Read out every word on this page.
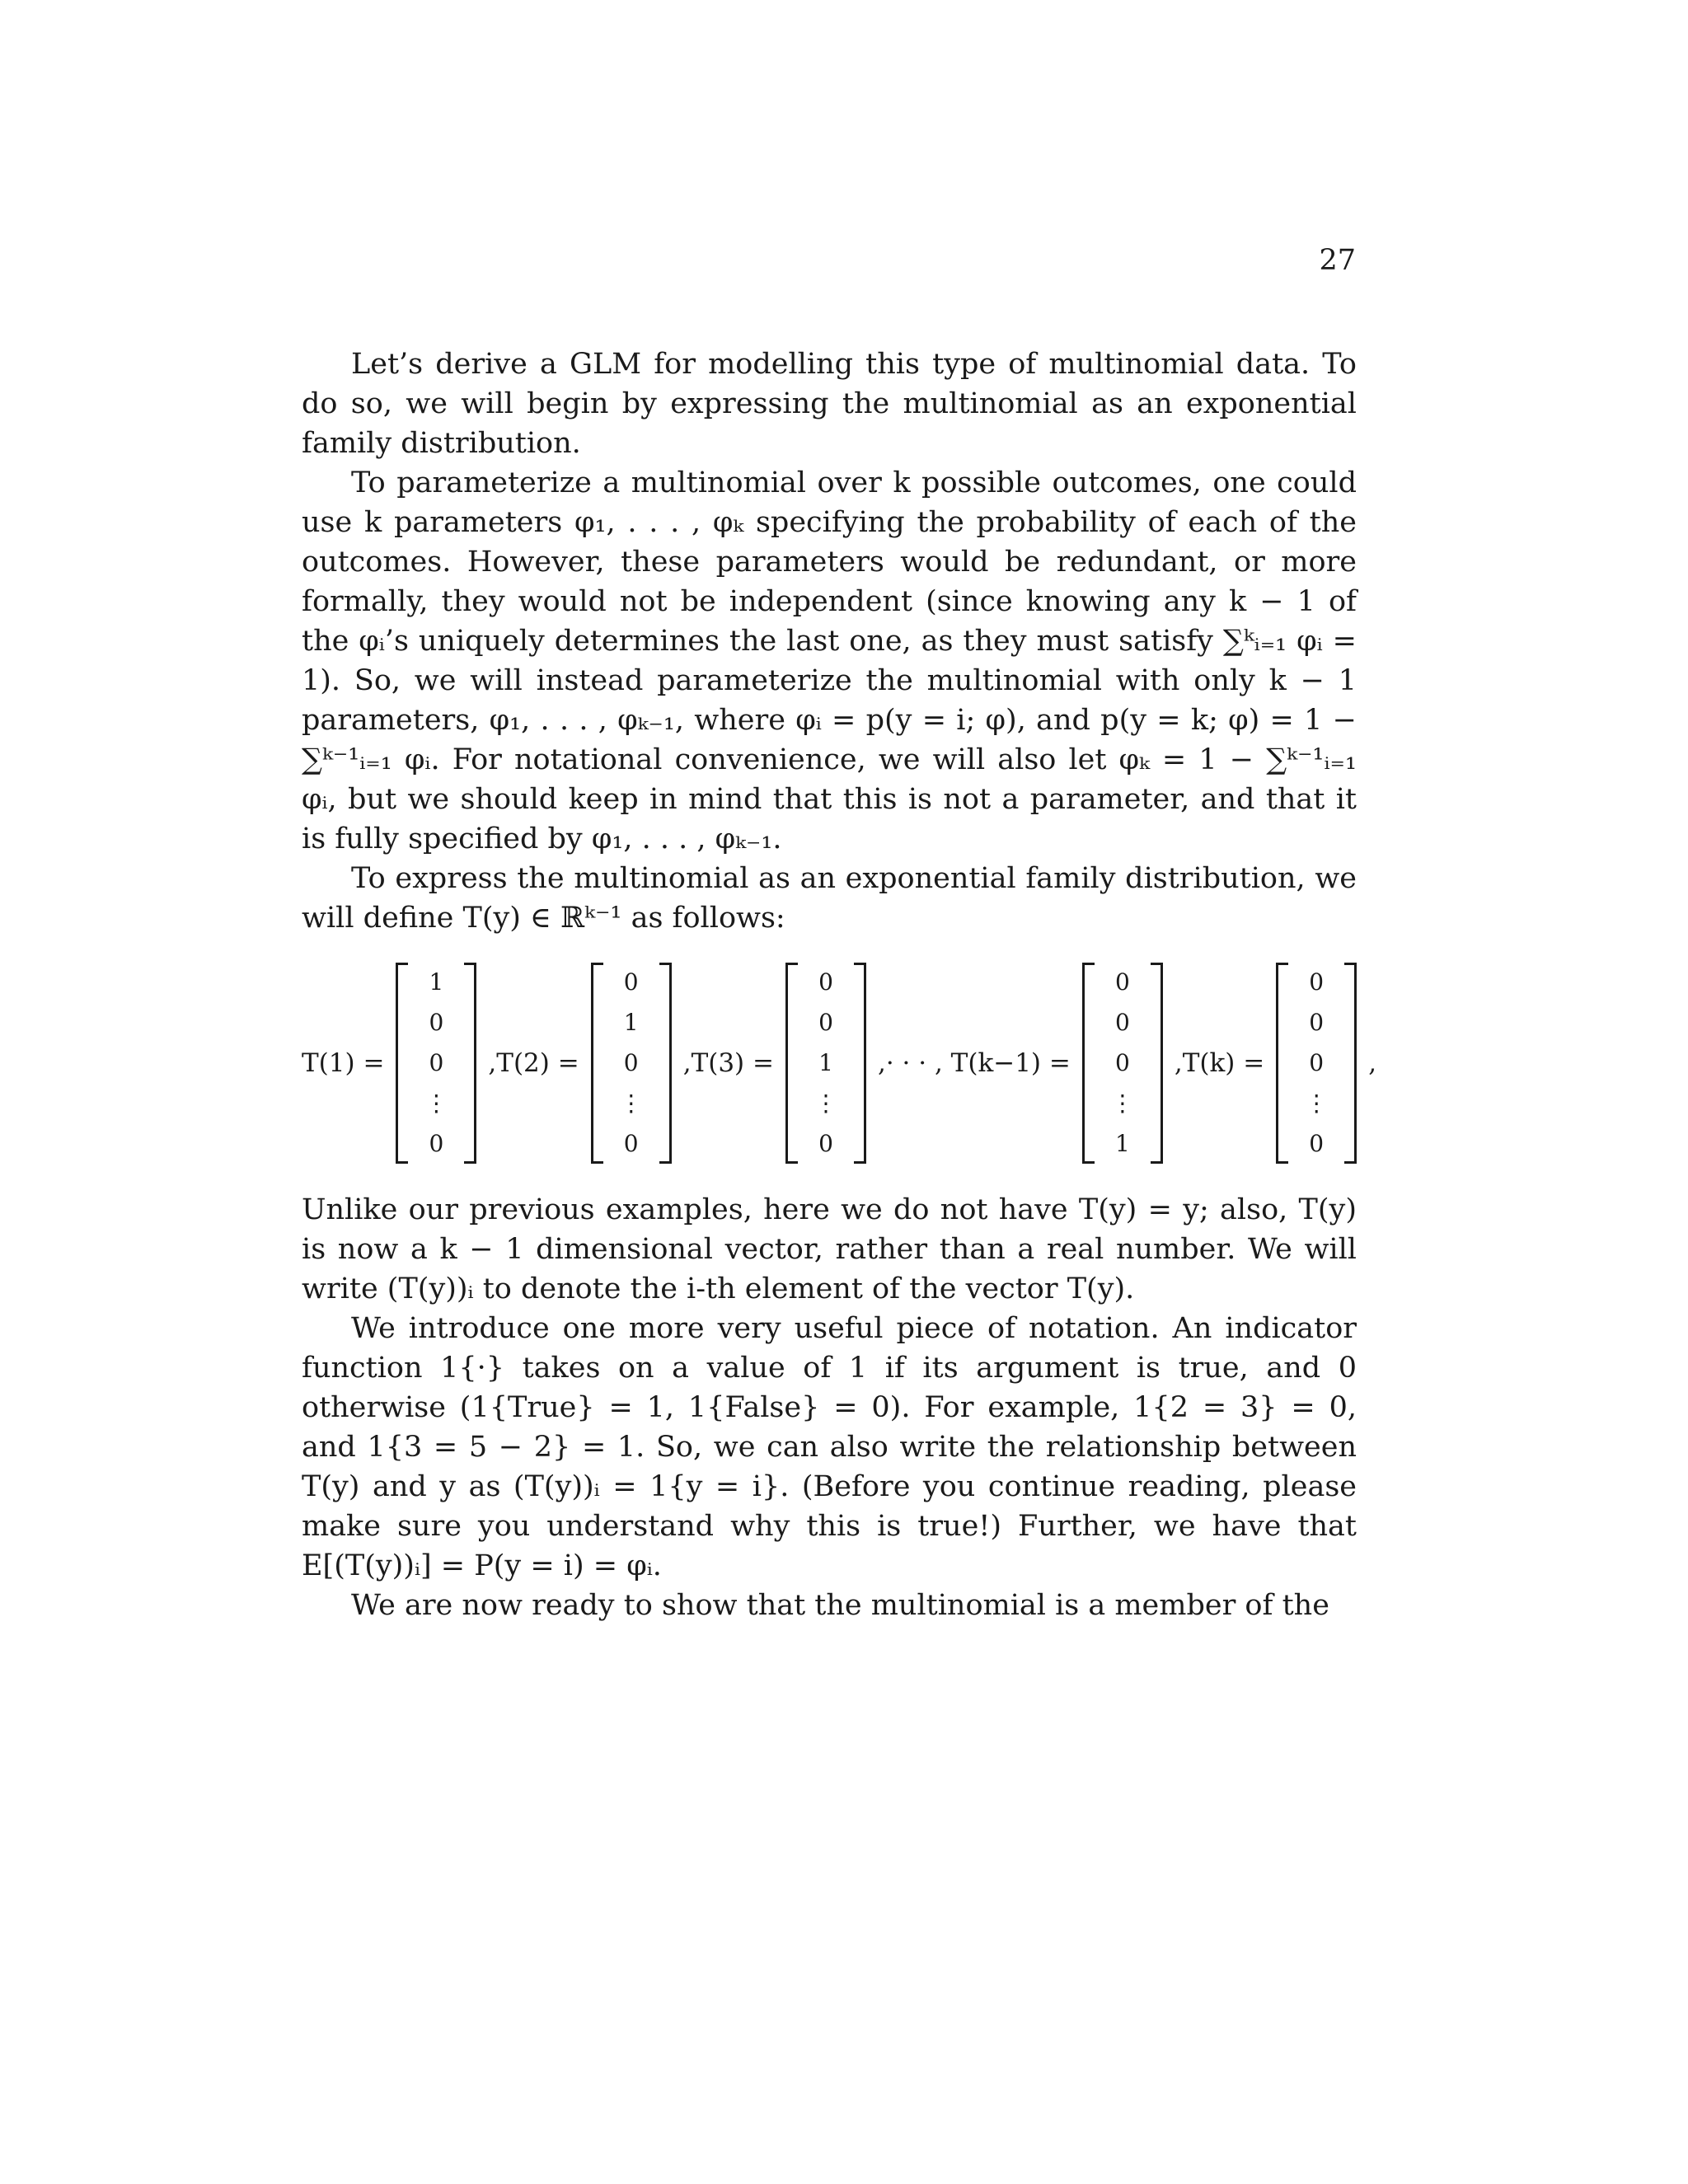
27

Let’s derive a GLM for modelling this type of multinomial data. To do so, we will begin by expressing the multinomial as an exponential family distribution.

To parameterize a multinomial over k possible outcomes, one could use k parameters φ₁, . . . , φₖ specifying the probability of each of the outcomes. However, these parameters would be redundant, or more formally, they would not be independent (since knowing any k − 1 of the φᵢ’s uniquely determines the last one, as they must satisfy ∑ᵏᵢ₌₁ φᵢ = 1). So, we will instead parameterize the multinomial with only k − 1 parameters, φ₁, . . . , φₖ₋₁, where φᵢ = p(y = i; φ), and p(y = k; φ) = 1 − ∑ᵏ⁻¹ᵢ₌₁ φᵢ. For notational convenience, we will also let φₖ = 1 − ∑ᵏ⁻¹ᵢ₌₁ φᵢ, but we should keep in mind that this is not a parameter, and that it is fully specified by φ₁, . . . , φₖ₋₁.

To express the multinomial as an exponential family distribution, we will define T(y) ∈ ℝᵏ⁻¹ as follows:

T(1) =
1
0
0
⋮
0
, T(2) =
0
1
0
⋮
0
, T(3) =
0
0
1
⋮
0
, · · · , T(k−1) =
0
0
0
⋮
1
, T(k) =
0
0
0
⋮
0
,

Unlike our previous examples, here we do not have T(y) = y; also, T(y) is now a k − 1 dimensional vector, rather than a real number. We will write (T(y))ᵢ to denote the i-th element of the vector T(y).

We introduce one more very useful piece of notation. An indicator function 1{·} takes on a value of 1 if its argument is true, and 0 otherwise (1{True} = 1, 1{False} = 0). For example, 1{2 = 3} = 0, and 1{3 = 5 − 2} = 1. So, we can also write the relationship between T(y) and y as (T(y))ᵢ = 1{y = i}. (Before you continue reading, please make sure you understand why this is true!) Further, we have that E[(T(y))ᵢ] = P(y = i) = φᵢ.

We are now ready to show that the multinomial is a member of the
